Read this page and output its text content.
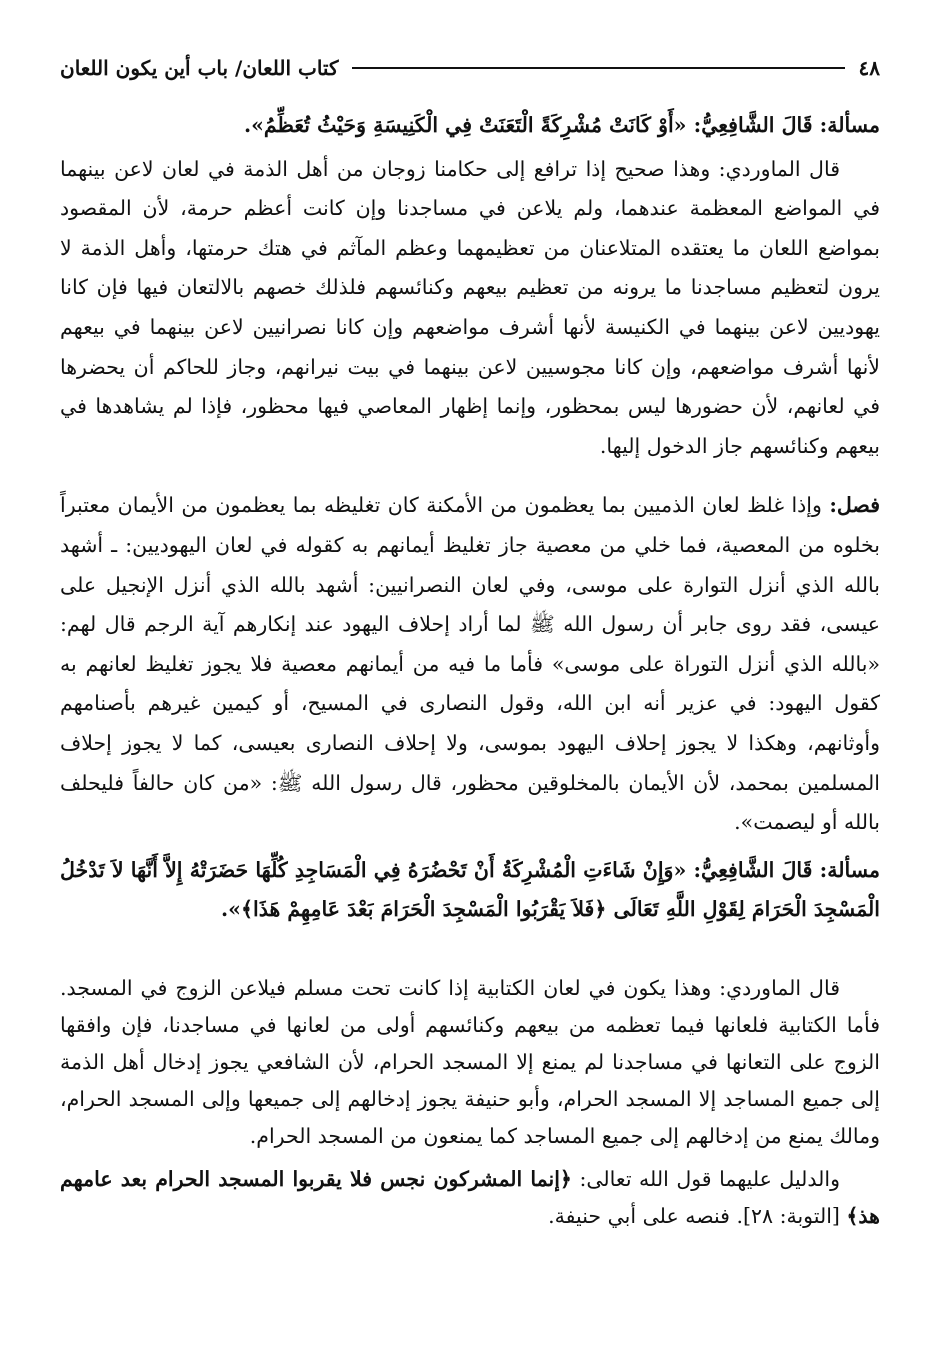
٤٨
كتاب اللعان/ باب أين يكون اللعان

مسألة: قَالَ الشَّافِعِيُّ: «أَوْ كَانَتْ مُشْرِكَةً الْتَعَنَتْ فِي الْكَنِيسَةِ وَحَيْثُ تُعَظِّمُ».

قال الماوردي: وهذا صحيح إذا ترافع إلى حكامنا زوجان من أهل الذمة في لعان لاعن بينهما في المواضع المعظمة عندهما، ولم يلاعن في مساجدنا وإن كانت أعظم حرمة، لأن المقصود بمواضع اللعان ما يعتقده المتلاعنان من تعظيمهما وعظم المآثم في هتك حرمتها، وأهل الذمة لا يرون لتعظيم مساجدنا ما يرونه من تعظيم بيعهم وكنائسهم فلذلك خصهم بالالتعان فيها فإن كانا يهوديين لاعن بينهما في الكنيسة لأنها أشرف مواضعهم وإن كانا نصرانيين لاعن بينهما في بيعهم لأنها أشرف مواضعهم، وإن كانا مجوسيين لاعن بينهما في بيت نيرانهم، وجاز للحاكم أن يحضرها في لعانهم، لأن حضورها ليس بمحظور، وإنما إظهار المعاصي فيها محظور، فإذا لم يشاهدها في بيعهم وكنائسهم جاز الدخول إليها.

فصل: وإذا غلظ لعان الذميين بما يعظمون من الأمكنة كان تغليظه بما يعظمون من الأيمان معتبراً بخلوه من المعصية، فما خلي من معصية جاز تغليظ أيمانهم به كقوله في لعان اليهوديين: ـ أشهد بالله الذي أنزل التوارة على موسى، وفي لعان النصرانيين: أشهد بالله الذي أنزل الإنجيل على عيسى، فقد روى جابر أن رسول الله ﷺ لما أراد إحلاف اليهود عند إنكارهم آية الرجم قال لهم: «بالله الذي أنزل التوراة على موسى» فأما ما فيه من أيمانهم معصية فلا يجوز تغليظ لعانهم به كقول اليهود: في عزير أنه ابن الله، وقول النصارى في المسيح، أو كيمين غيرهم بأصنامهم وأوثانهم، وهكذا لا يجوز إحلاف اليهود بموسى، ولا إحلاف النصارى بعيسى، كما لا يجوز إحلاف المسلمين بمحمد، لأن الأيمان بالمخلوقين محظور، قال رسول الله ﷺ: «من كان حالفاً فليحلف بالله أو ليصمت».

مسألة: قَالَ الشَّافِعِيُّ: «وَإِنْ شَاءَتِ الْمُشْرِكَةُ أَنْ تَحْضُرَهُ فِي الْمَسَاجِدِ كُلِّهَا حَضَرَتْهُ إِلاَّ أَنَّهَا لاَ تَدْخُلُ الْمَسْجِدَ الْحَرَامَ لِقَوْلِ اللَّهِ تَعَالَى ﴿فَلاَ يَقْرَبُوا الْمَسْجِدَ الْحَرَامَ بَعْدَ عَامِهِمْ هَذَا﴾».

قال الماوردي: وهذا يكون في لعان الكتابية إذا كانت تحت مسلم فيلاعن الزوج في المسجد. فأما الكتابية فلعانها فيما تعظمه من بيعهم وكنائسهم أولى من لعانها في مساجدنا، فإن وافقها الزوج على التعانها في مساجدنا لم يمنع إلا المسجد الحرام، لأن الشافعي يجوز إدخال أهل الذمة إلى جميع المساجد إلا المسجد الحرام، وأبو حنيفة يجوز إدخالهم إلى جميعها وإلى المسجد الحرام، ومالك يمنع من إدخالهم إلى جميع المساجد كما يمنعون من المسجد الحرام.

والدليل عليهما قول الله تعالى: ﴿إنما المشركون نجس فلا يقربوا المسجد الحرام بعد عامهم هذ﴾ [التوبة: ٢٨]. فنصه على أبي حنيفة.
